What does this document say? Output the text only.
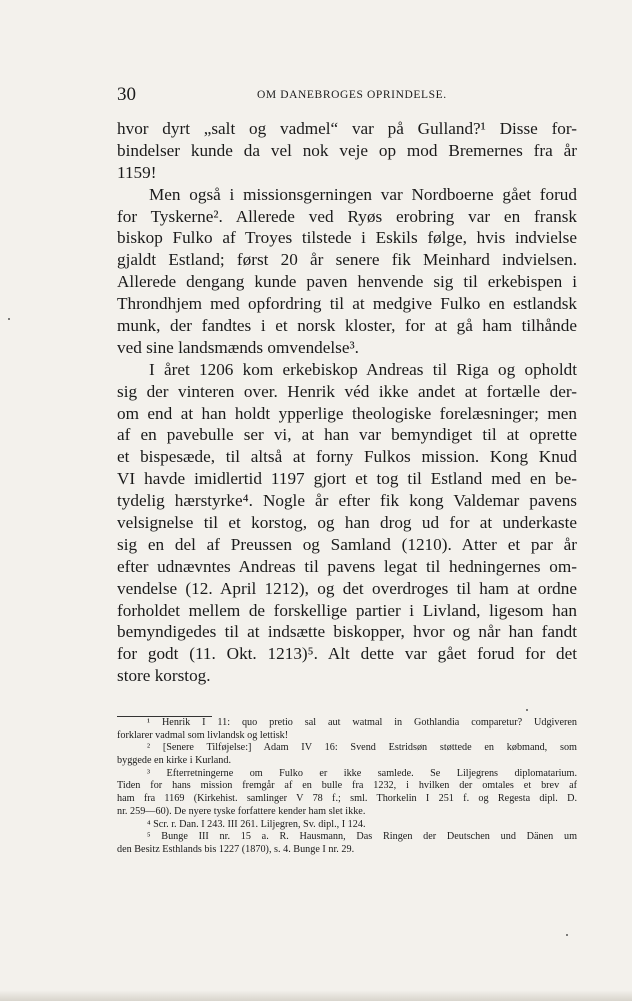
30	OM DANEBROGES OPRINDELSE.
hvor dyrt „salt og vadmel“ var på Gulland?¹ Disse for-
bindelser kunde da vel nok veje op mod Bremernes fra år
1159!
Men også i missionsgerningen var Nordboerne gået forud
for Tyskerne². Allerede ved Ryøs erobring var en fransk
biskop Fulko af Troyes tilstede i Eskils følge, hvis indvielse
gjaldt Estland; først 20 år senere fik Meinhard indvielsen.
Allerede dengang kunde paven henvende sig til erkebispen i
Throndhjem med opfordring til at medgive Fulko en estlandsk
munk, der fandtes i et norsk kloster, for at gå ham tilhånde
ved sine landsmænds omvendelse³.
I året 1206 kom erkebiskop Andreas til Riga og opholdt
sig der vinteren over. Henrik véd ikke andet at fortælle der-
om end at han holdt ypperlige theologiske forelæsninger; men
af en pavebulle ser vi, at han var bemyndiget til at oprette
et bispesæde, til altså at forny Fulkos mission. Kong Knud
VI havde imidlertid 1197 gjort et tog til Estland med en be-
tydelig hærstyrke⁴. Nogle år efter fik kong Valdemar pavens
velsignelse til et korstog, og han drog ud for at underkaste
sig en del af Preussen og Samland (1210). Atter et par år
efter udnævntes Andreas til pavens legat til hedningernes om-
vendelse (12. April 1212), og det overdroges til ham at ordne
forholdet mellem de forskellige partier i Livland, ligesom han
bemyndigedes til at indsætte biskopper, hvor og når han fandt
for godt (11. Okt. 1213)⁵. Alt dette var gået forud for det
store korstog.
¹ Henrik I 11: quo pretio sal aut watmal in Gothlandia comparetur? Udgiveren
forklarer vadmal som livlandsk og lettisk!
² [Senere Tilføjelse:] Adam IV 16: Svend Estridsøn støttede en købmand, som
byggede en kirke i Kurland.
³ Efterretningerne om Fulko er ikke samlede. Se Liljegrens diplomatarium.
Tiden for hans mission fremgår af en bulle fra 1232, i hvilken der omtales et brev af
ham fra 1169 (Kirkehist. samlinger V 78 f.; sml. Thorkelin I 251 f. og Regesta dipl. D.
nr. 259—60). De nyere tyske forfattere kender ham slet ikke.
⁴ Scr. r. Dan. I 243. III 261. Liljegren, Sv. dipl., I 124.
⁵ Bunge III nr. 15 a. R. Hausmann, Das Ringen der Deutschen und Dänen um
den Besitz Esthlands bis 1227 (1870), s. 4. Bunge I nr. 29.
